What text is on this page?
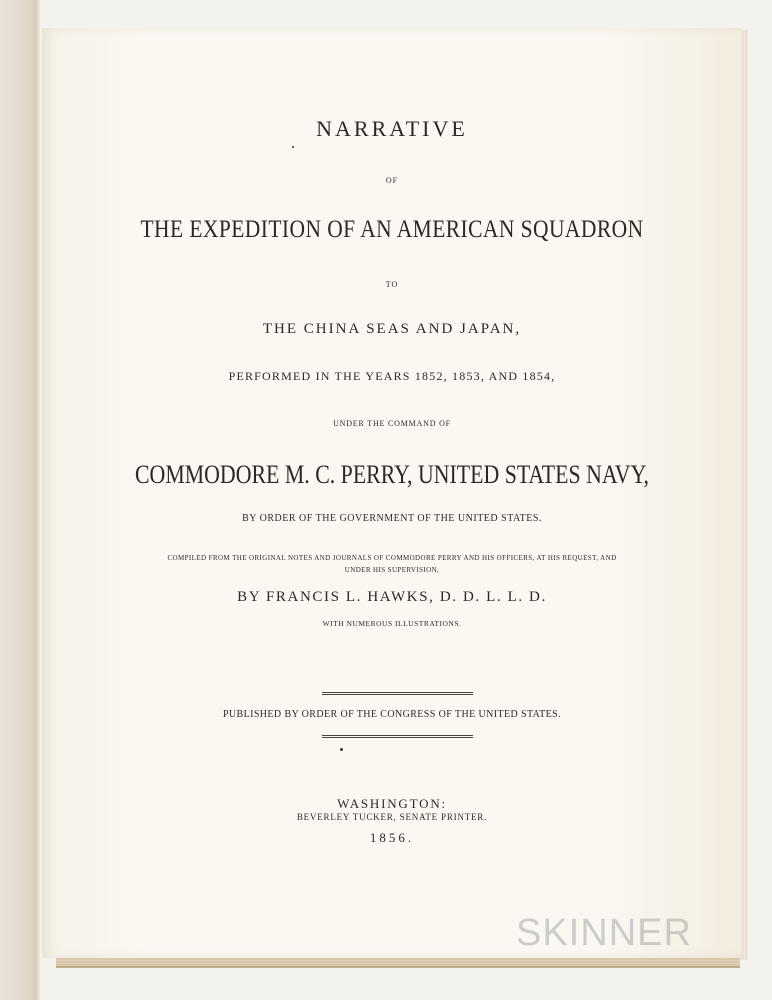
NARRATIVE
OF
THE EXPEDITION OF AN AMERICAN SQUADRON
TO
THE CHINA SEAS AND JAPAN,
PERFORMED IN THE YEARS 1852, 1853, AND 1854,
UNDER THE COMMAND OF
COMMODORE M. C. PERRY, UNITED STATES NAVY,
BY ORDER OF THE GOVERNMENT OF THE UNITED STATES.
COMPILED FROM THE ORIGINAL NOTES AND JOURNALS OF COMMODORE PERRY AND HIS OFFICERS, AT HIS REQUEST, AND UNDER HIS SUPERVISION,
BY FRANCIS L. HAWKS, D. D. L. L. D.
WITH NUMEROUS ILLUSTRATIONS.
PUBLISHED BY ORDER OF THE CONGRESS OF THE UNITED STATES.
WASHINGTON:
BEVERLEY TUCKER, SENATE PRINTER.
1856.
SKINNER
